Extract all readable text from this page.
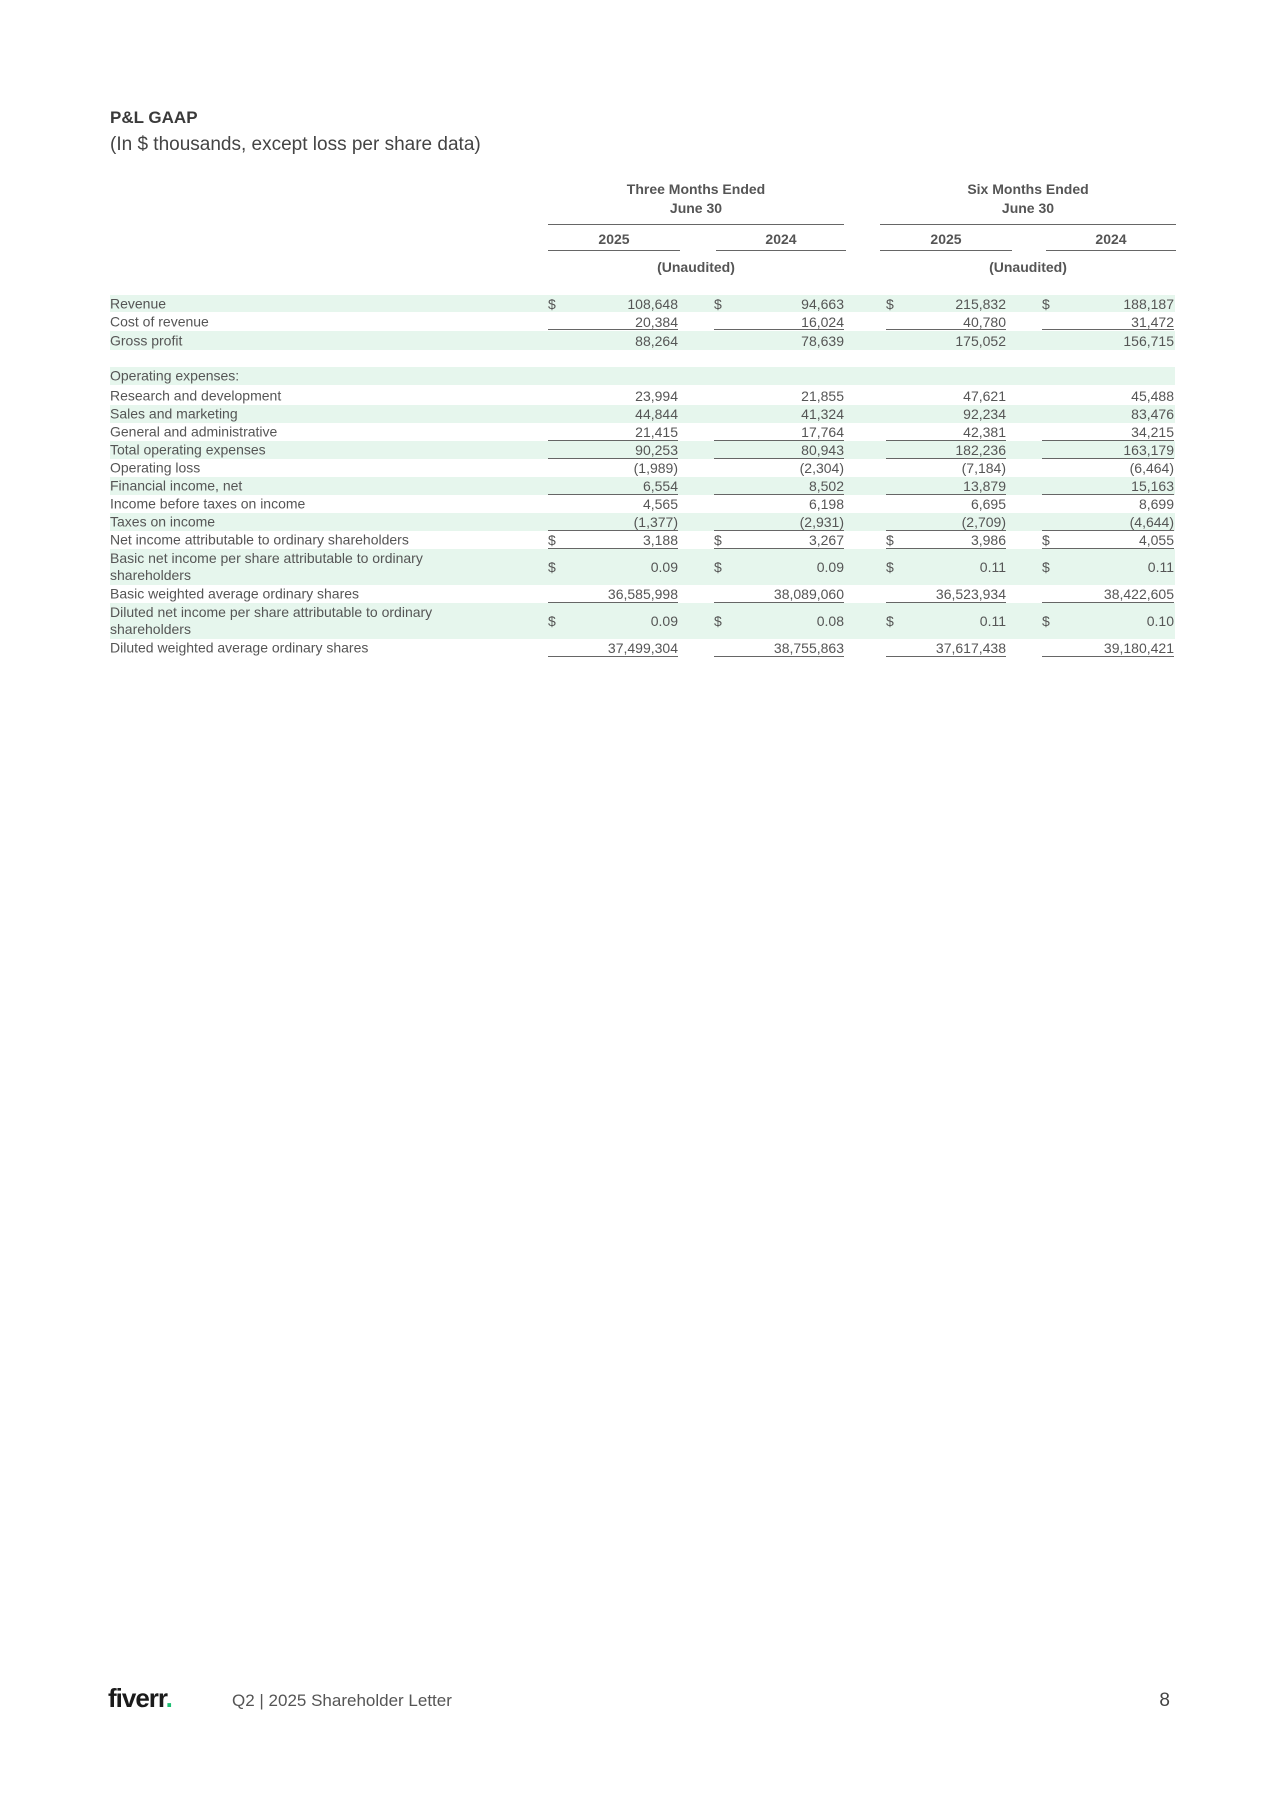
P&L GAAP

(In $ thousands, except loss per share data)

Three Months Ended
June 30
Six Months Ended
June 30
2025	2024	2025	2024
(Unaudited)	(Unaudited)
Revenue	$	108,648	$	94,663	$	215,832	$	188,187
Cost of revenue	20,384	16,024	40,780	31,472
Gross profit	88,264	78,639	175,052	156,715
Operating expenses:
Research and development	23,994	21,855	47,621	45,488
Sales and marketing	44,844	41,324	92,234	83,476
General and administrative	21,415	17,764	42,381	34,215
Total operating expenses	90,253	80,943	182,236	163,179
Operating loss	(1,989)	(2,304)	(7,184)	(6,464)
Financial income, net	6,554	8,502	13,879	15,163
Income before taxes on income	4,565	6,198	6,695	8,699
Taxes on income	(1,377)	(2,931)	(2,709)	(4,644)
Net income attributable to ordinary shareholders	$	3,188	$	3,267	$	3,986	$	4,055
Basic net income per share attributable to ordinary shareholders	$	0.09	$	0.09	$	0.11	$	0.11
Basic weighted average ordinary shares	36,585,998	38,089,060	36,523,934	38,422,605
Diluted net income per share attributable to ordinary shareholders	$	0.09	$	0.08	$	0.11	$	0.10
Diluted weighted average ordinary shares	37,499,304	38,755,863	37,617,438	39,180,421
fiverr.	Q2 | 2025 Shareholder Letter	8
